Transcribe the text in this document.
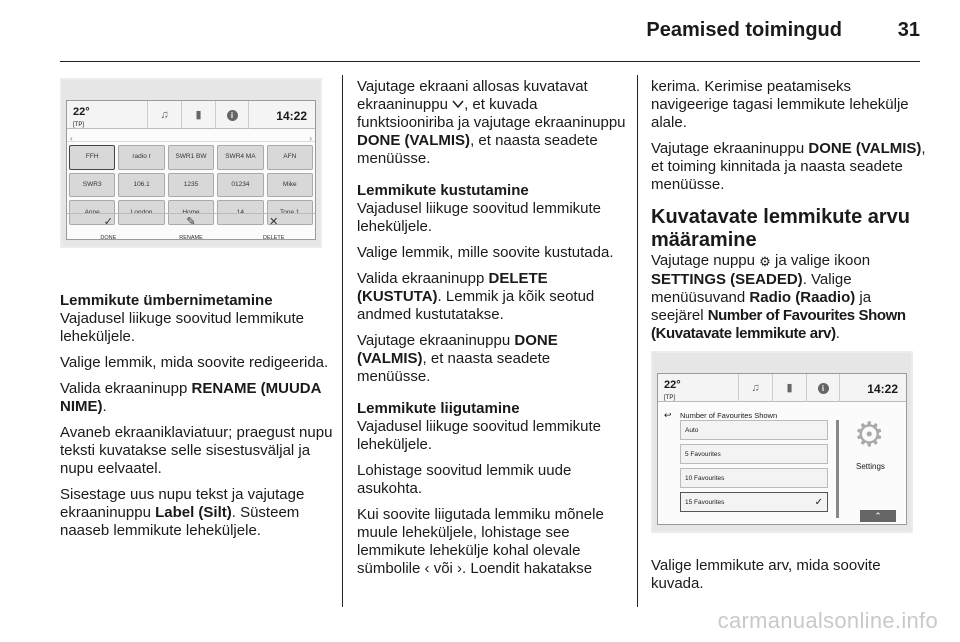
Peamised toimingud	31
22°
[TP]
♫	▮	i	14:22
‹	›
FFH	radio r	SWR1 BW	SWR4 MA	AFN
SWR3	106.1	1235	01234	Mike
Anne	London	Home	14	Tone 1
✓
DONE
✎
RENAME
✕
DELETE
Lemmikute ümbernimetamine

Vajadusel liikuge soovitud lemmikute leheküljele.

Valige lemmik, mida soovite redigeerida.

Valida ekraaninupp RENAME (MUUDA NIME).

Avaneb ekraaniklaviatuur; praegust nupu teksti kuvatakse selle sisestusväljal ja nupu eelvaatel.

Sisestage uus nupu tekst ja vajutage ekraaninuppu Label (Silt). Süsteem naaseb lemmikute leheküljele.

Vajutage ekraani allosas kuvatavat ekraaninuppu , et kuvada funktsiooniriba ja vajutage ekraaninuppu DONE (VALMIS), et naasta seadete menüüsse.

Lemmikute kustutamine

Vajadusel liikuge soovitud lemmikute leheküljele.

Valige lemmik, mille soovite kustutada.

Valida ekraaninupp DELETE (KUSTUTA). Lemmik ja kõik seotud andmed kustutatakse.

Vajutage ekraaninuppu DONE (VALMIS), et naasta seadete menüüsse.

Lemmikute liigutamine

Vajadusel liikuge soovitud lemmikute leheküljele.

Lohistage soovitud lemmik uude asukohta.

Kui soovite liigutada lemmiku mõnele muule leheküljele, lohistage see lemmikute lehekülje kohal olevale sümbolile ‹ või ›. Loendit hakatakse

kerima. Kerimise peatamiseks navigeerige tagasi lemmikute lehekülje alale.

Vajutage ekraaninuppu DONE (VALMIS), et toiming kinnitada ja naasta seadete menüüsse.

Kuvatavate lemmikute arvu määramine

Vajutage nuppu ⚙ ja valige ikoon SETTINGS (SEADED). Valige menüüsuvand Radio (Raadio) ja seejärel Number of Favourites Shown (Kuvatavate lemmikute arv).

22°
[TP]
♫	▮	i	14:22
↩ Number of Favourites Shown
Auto
5 Favourites
10 Favourites
15 Favourites	✓
⚙
Settings
⌃

Valige lemmikute arv, mida soovite kuvada.

carmanualsonline.info
